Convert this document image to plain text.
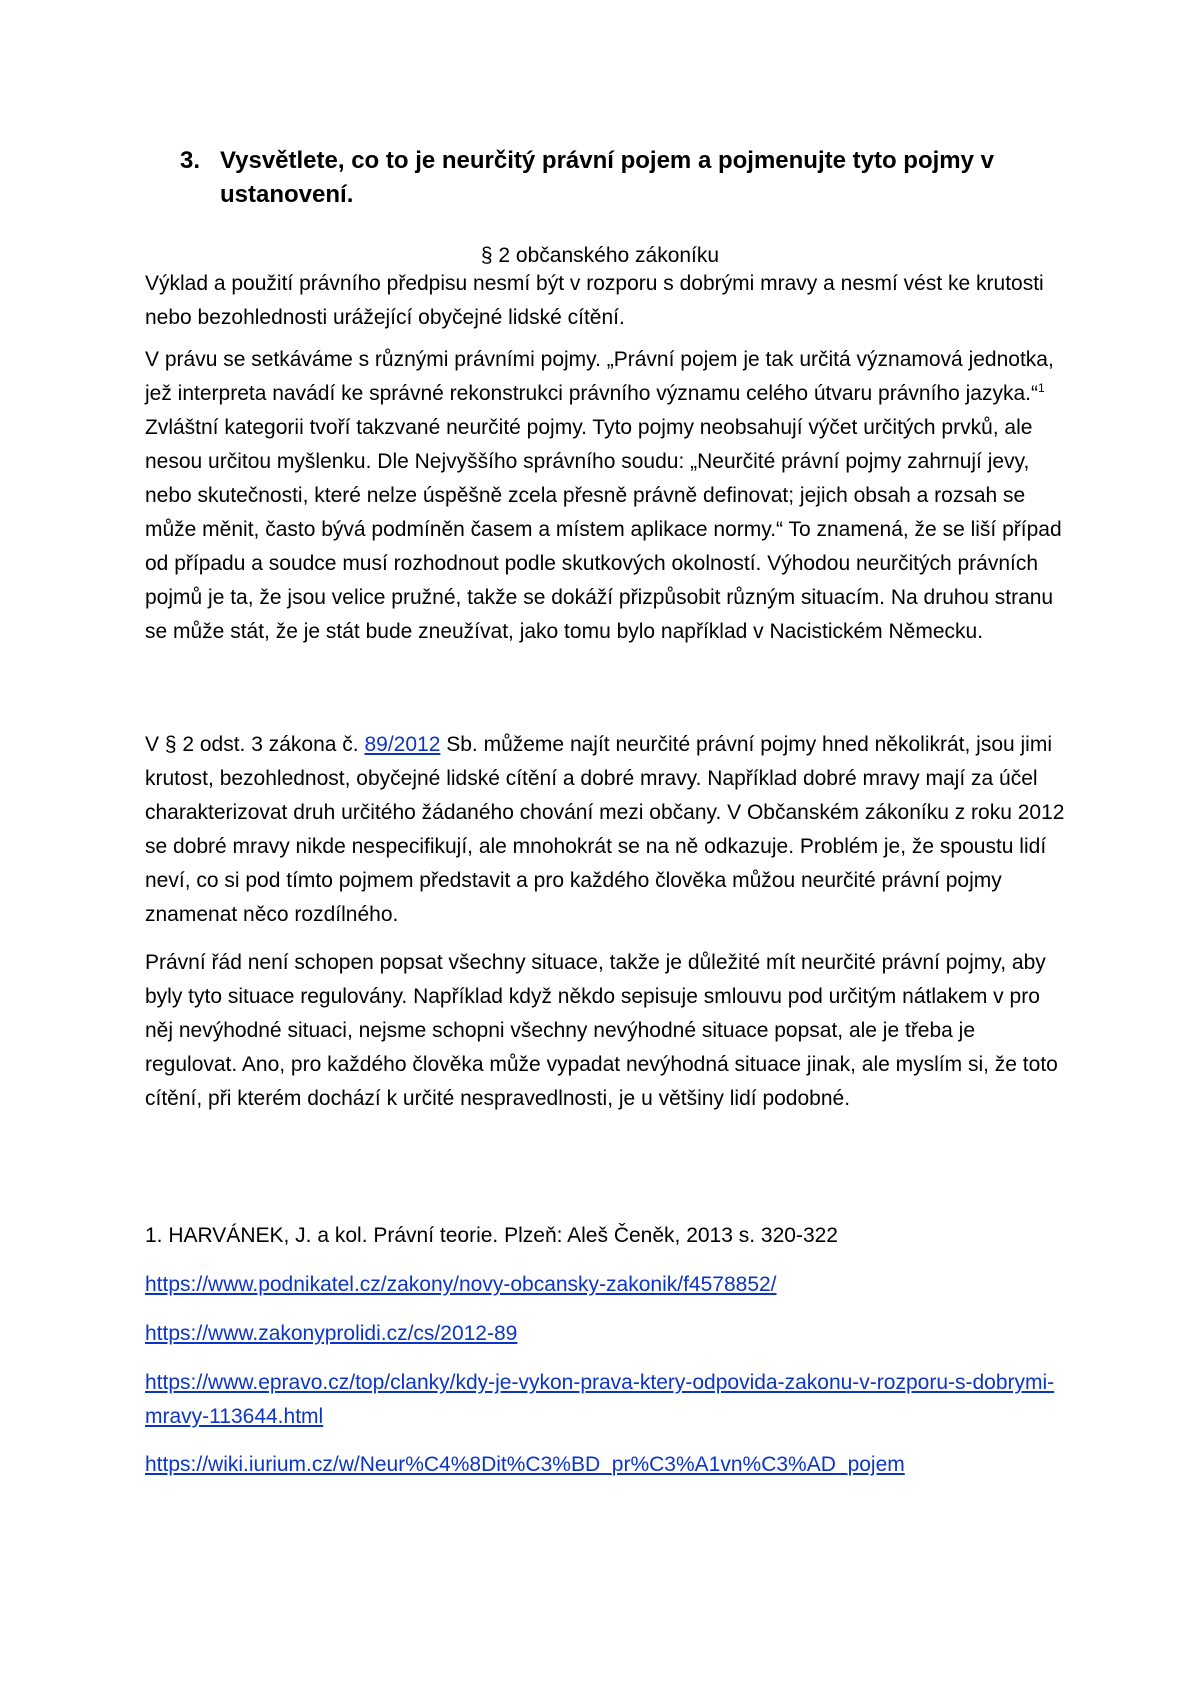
3. Vysvětlete, co to je neurčitý právní pojem a pojmenujte tyto pojmy v ustanovení.
§ 2 občanského zákoníku
Výklad a použití právního předpisu nesmí být v rozporu s dobrými mravy a nesmí vést ke krutosti nebo bezohlednosti urážející obyčejné lidské cítění.
V právu se setkáváme s různými právními pojmy. „Právní pojem je tak určitá významová jednotka, jež interpreta navádí ke správné rekonstrukci právního významu celého útvaru právního jazyka.“$^1$ Zvláštní kategorii tvoří takzvané neurčité pojmy. Tyto pojmy neobsahují výčet určitých prvků, ale nesou určitou myšlenku. Dle Nejvyššího správního soudu: „Neurčité právní pojmy zahrnují jevy, nebo skutečnosti, které nelze úspěšně zcela přesně právně definovat; jejich obsah a rozsah se může měnit, často bývá podmíněn časem a místem aplikace normy.“ To znamená, že se liší případ od případu a soudce musí rozhodnout podle skutkových okolností. Výhodou neurčitých právních pojmů je ta, že jsou velice pružné, takže se dokáží přizpůsobit různým situacím. Na druhou stranu se může stát, že je stát bude zneužívat, jako tomu bylo například v Nacistickém Německu.
V § 2 odst. 3 zákona č. 89/2012 Sb. můžeme najít neurčité právní pojmy hned několikrát, jsou jimi krutost, bezohlednost, obyčejné lidské cítění a dobré mravy. Například dobré mravy mají za účel charakterizovat druh určitého žádaného chování mezi občany. V Občanském zákoníku z roku 2012 se dobré mravy nikde nespecifikují, ale mnohokrát se na ně odkazuje. Problém je, že spoustu lidí neví, co si pod tímto pojmem představit a pro každého člověka můžou neurčité právní pojmy znamenat něco rozdílného.
Právní řád není schopen popsat všechny situace, takže je důležité mít neurčité právní pojmy, aby byly tyto situace regulovány. Například když někdo sepisuje smlouvu pod určitým nátlakem v pro něj nevýhodné situaci, nejsme schopni všechny nevýhodné situace popsat, ale je třeba je regulovat. Ano, pro každého člověka může vypadat nevýhodná situace jinak, ale myslím si, že toto cítění, při kterém dochází k určité nespravedlnosti, je u většiny lidí podobné.
1. HARVÁNEK, J. a kol. Právní teorie. Plzeň: Aleš Čeněk, 2013 s. 320-322
https://www.podnikatel.cz/zakony/novy-obcansky-zakonik/f4578852/
https://www.zakonyprolidi.cz/cs/2012-89
https://www.epravo.cz/top/clanky/kdy-je-vykon-prava-ktery-odpovida-zakonu-v-rozporu-s-dobrymi-mravy-113644.html
https://wiki.iurium.cz/w/Neur%C4%8Dit%C3%BD_pr%C3%A1vn%C3%AD_pojem
